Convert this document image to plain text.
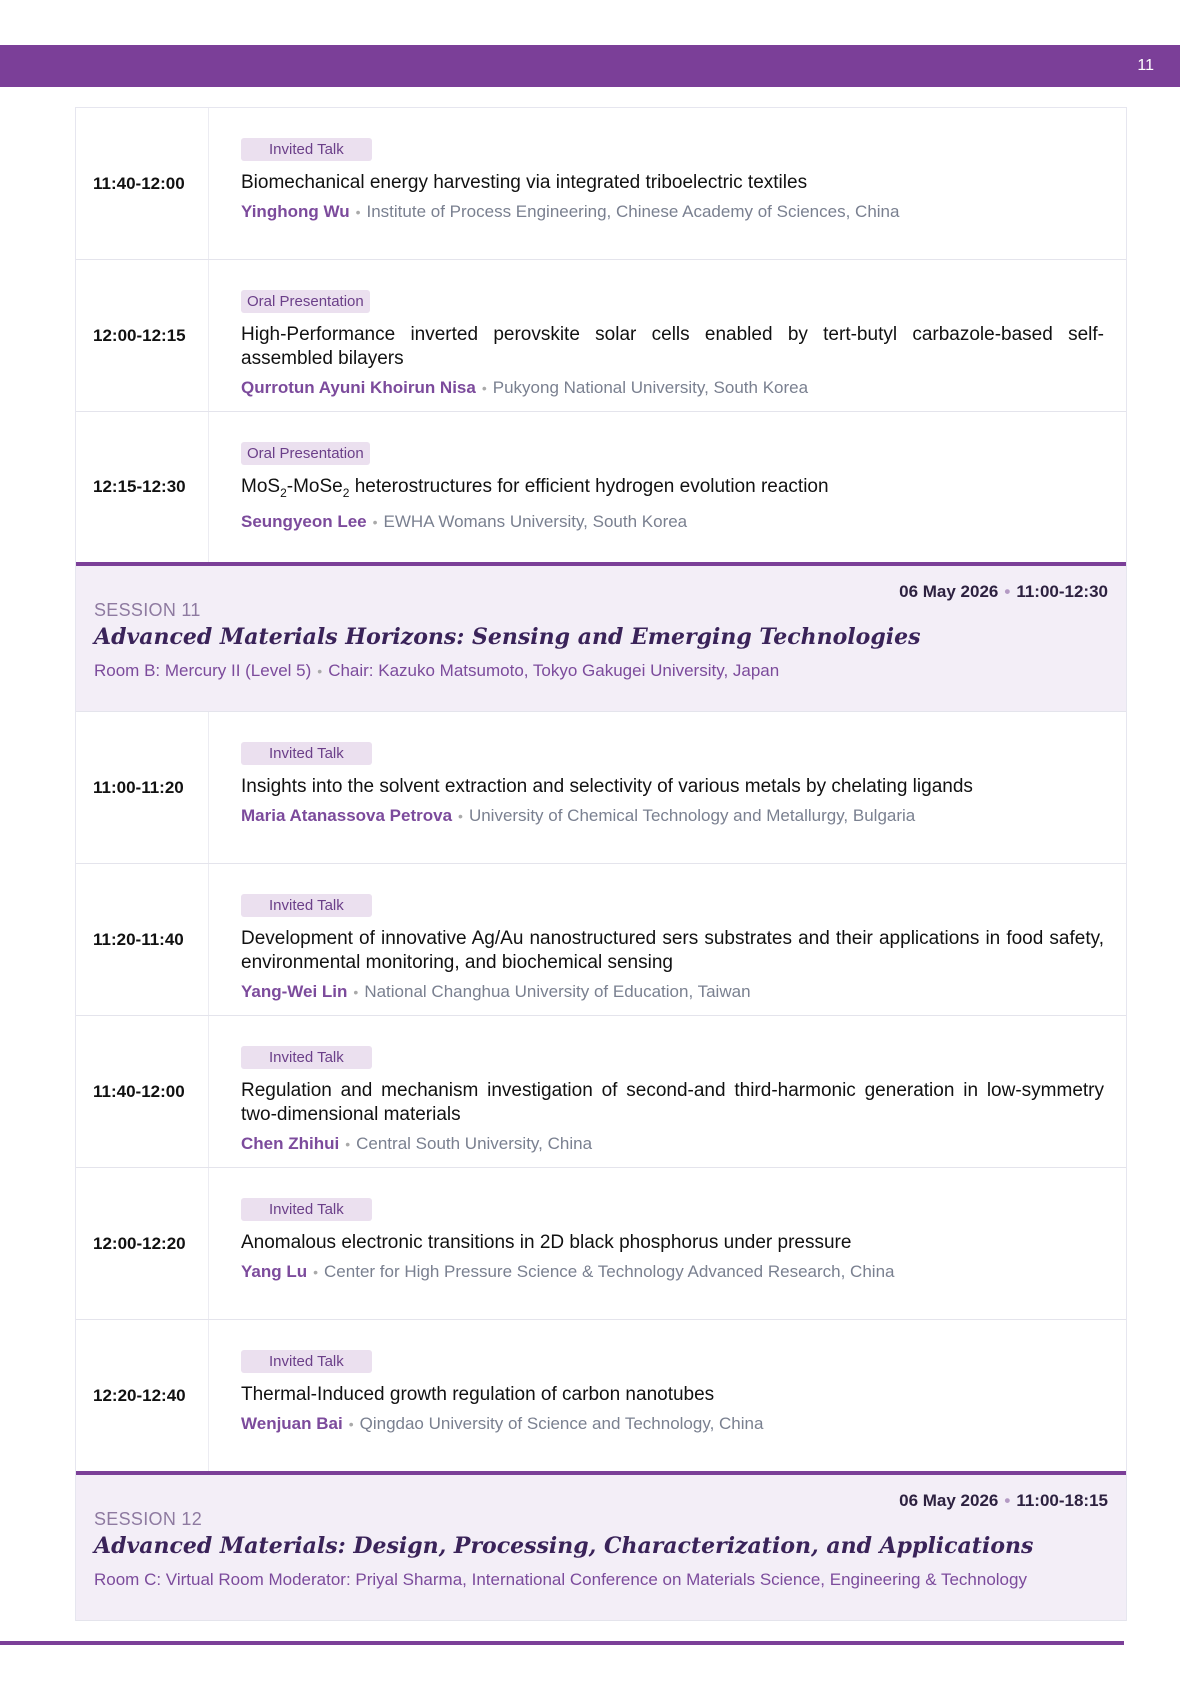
11
11:40-12:00
Invited Talk
Biomechanical energy harvesting via integrated triboelectric textiles
Yinghong Wu • Institute of Process Engineering, Chinese Academy of Sciences, China
12:00-12:15
Oral Presentation
High-Performance inverted perovskite solar cells enabled by tert-butyl carbazole-based self-assembled bilayers
Qurrotun Ayuni Khoirun Nisa • Pukyong National University, South Korea
12:15-12:30
Oral Presentation
MoS$_2$-MoSe$_2$ heterostructures for efficient hydrogen evolution reaction
Seungyeon Lee • EWHA Womans University, South Korea
06 May 2026 • 11:00-12:30
SESSION 11
Advanced Materials Horizons: Sensing and Emerging Technologies
Room B: Mercury II (Level 5) • Chair: Kazuko Matsumoto, Tokyo Gakugei University, Japan
11:00-11:20
Invited Talk
Insights into the solvent extraction and selectivity of various metals by chelating ligands
Maria Atanassova Petrova • University of Chemical Technology and Metallurgy, Bulgaria
11:20-11:40
Invited Talk
Development of innovative Ag/Au nanostructured sers substrates and their applications in food safety, environmental monitoring, and biochemical sensing
Yang-Wei Lin • National Changhua University of Education, Taiwan
11:40-12:00
Invited Talk
Regulation and mechanism investigation of second-and third-harmonic generation in low-symmetry two-dimensional materials
Chen Zhihui • Central South University, China
12:00-12:20
Invited Talk
Anomalous electronic transitions in 2D black phosphorus under pressure
Yang Lu • Center for High Pressure Science & Technology Advanced Research, China
12:20-12:40
Invited Talk
Thermal-Induced growth regulation of carbon nanotubes
Wenjuan Bai • Qingdao University of Science and Technology, China
06 May 2026 • 11:00-18:15
SESSION 12
Advanced Materials: Design, Processing, Characterization, and Applications
Room C: Virtual Room Moderator: Priyal Sharma, International Conference on Materials Science, Engineering & Technology
